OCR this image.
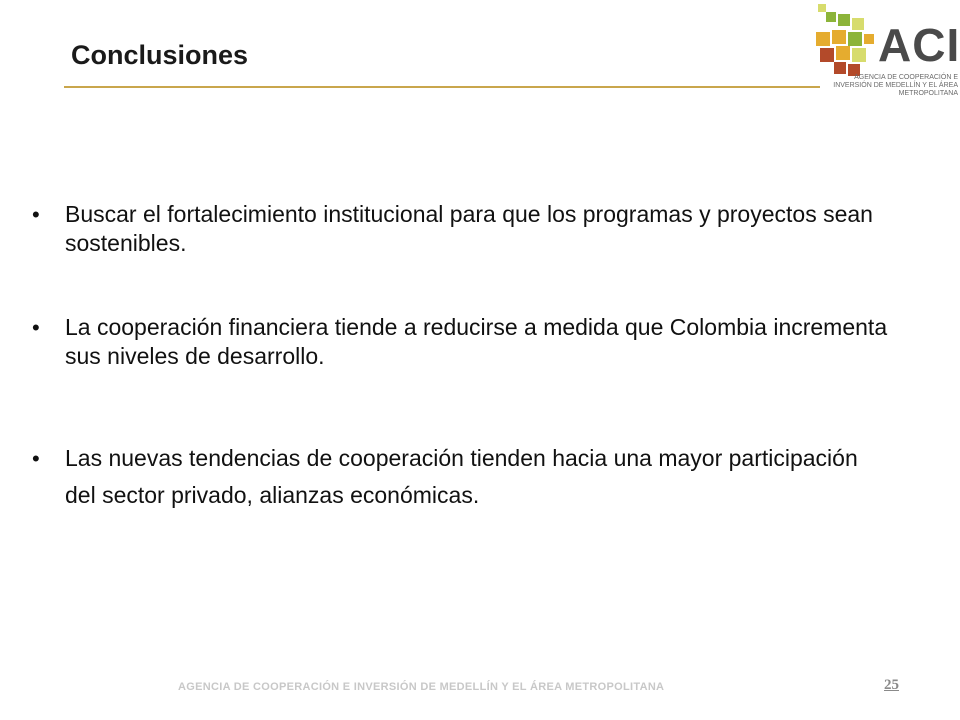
Conclusiones	ACI
AGENCIA DE COOPERACIÓN E INVERSIÓN DE MEDELLÍN Y EL ÁREA METROPOLITANA
• Buscar el fortalecimiento institucional para que los programas y proyectos sean sostenibles.
• La cooperación financiera tiende a reducirse a medida que Colombia incrementa sus niveles de desarrollo.
• Las nuevas tendencias de cooperación tienden hacia una mayor participación del sector privado, alianzas económicas.
AGENCIA DE COOPERACIÓN E INVERSIÓN DE MEDELLÍN Y EL ÁREA METROPOLITANA	25
